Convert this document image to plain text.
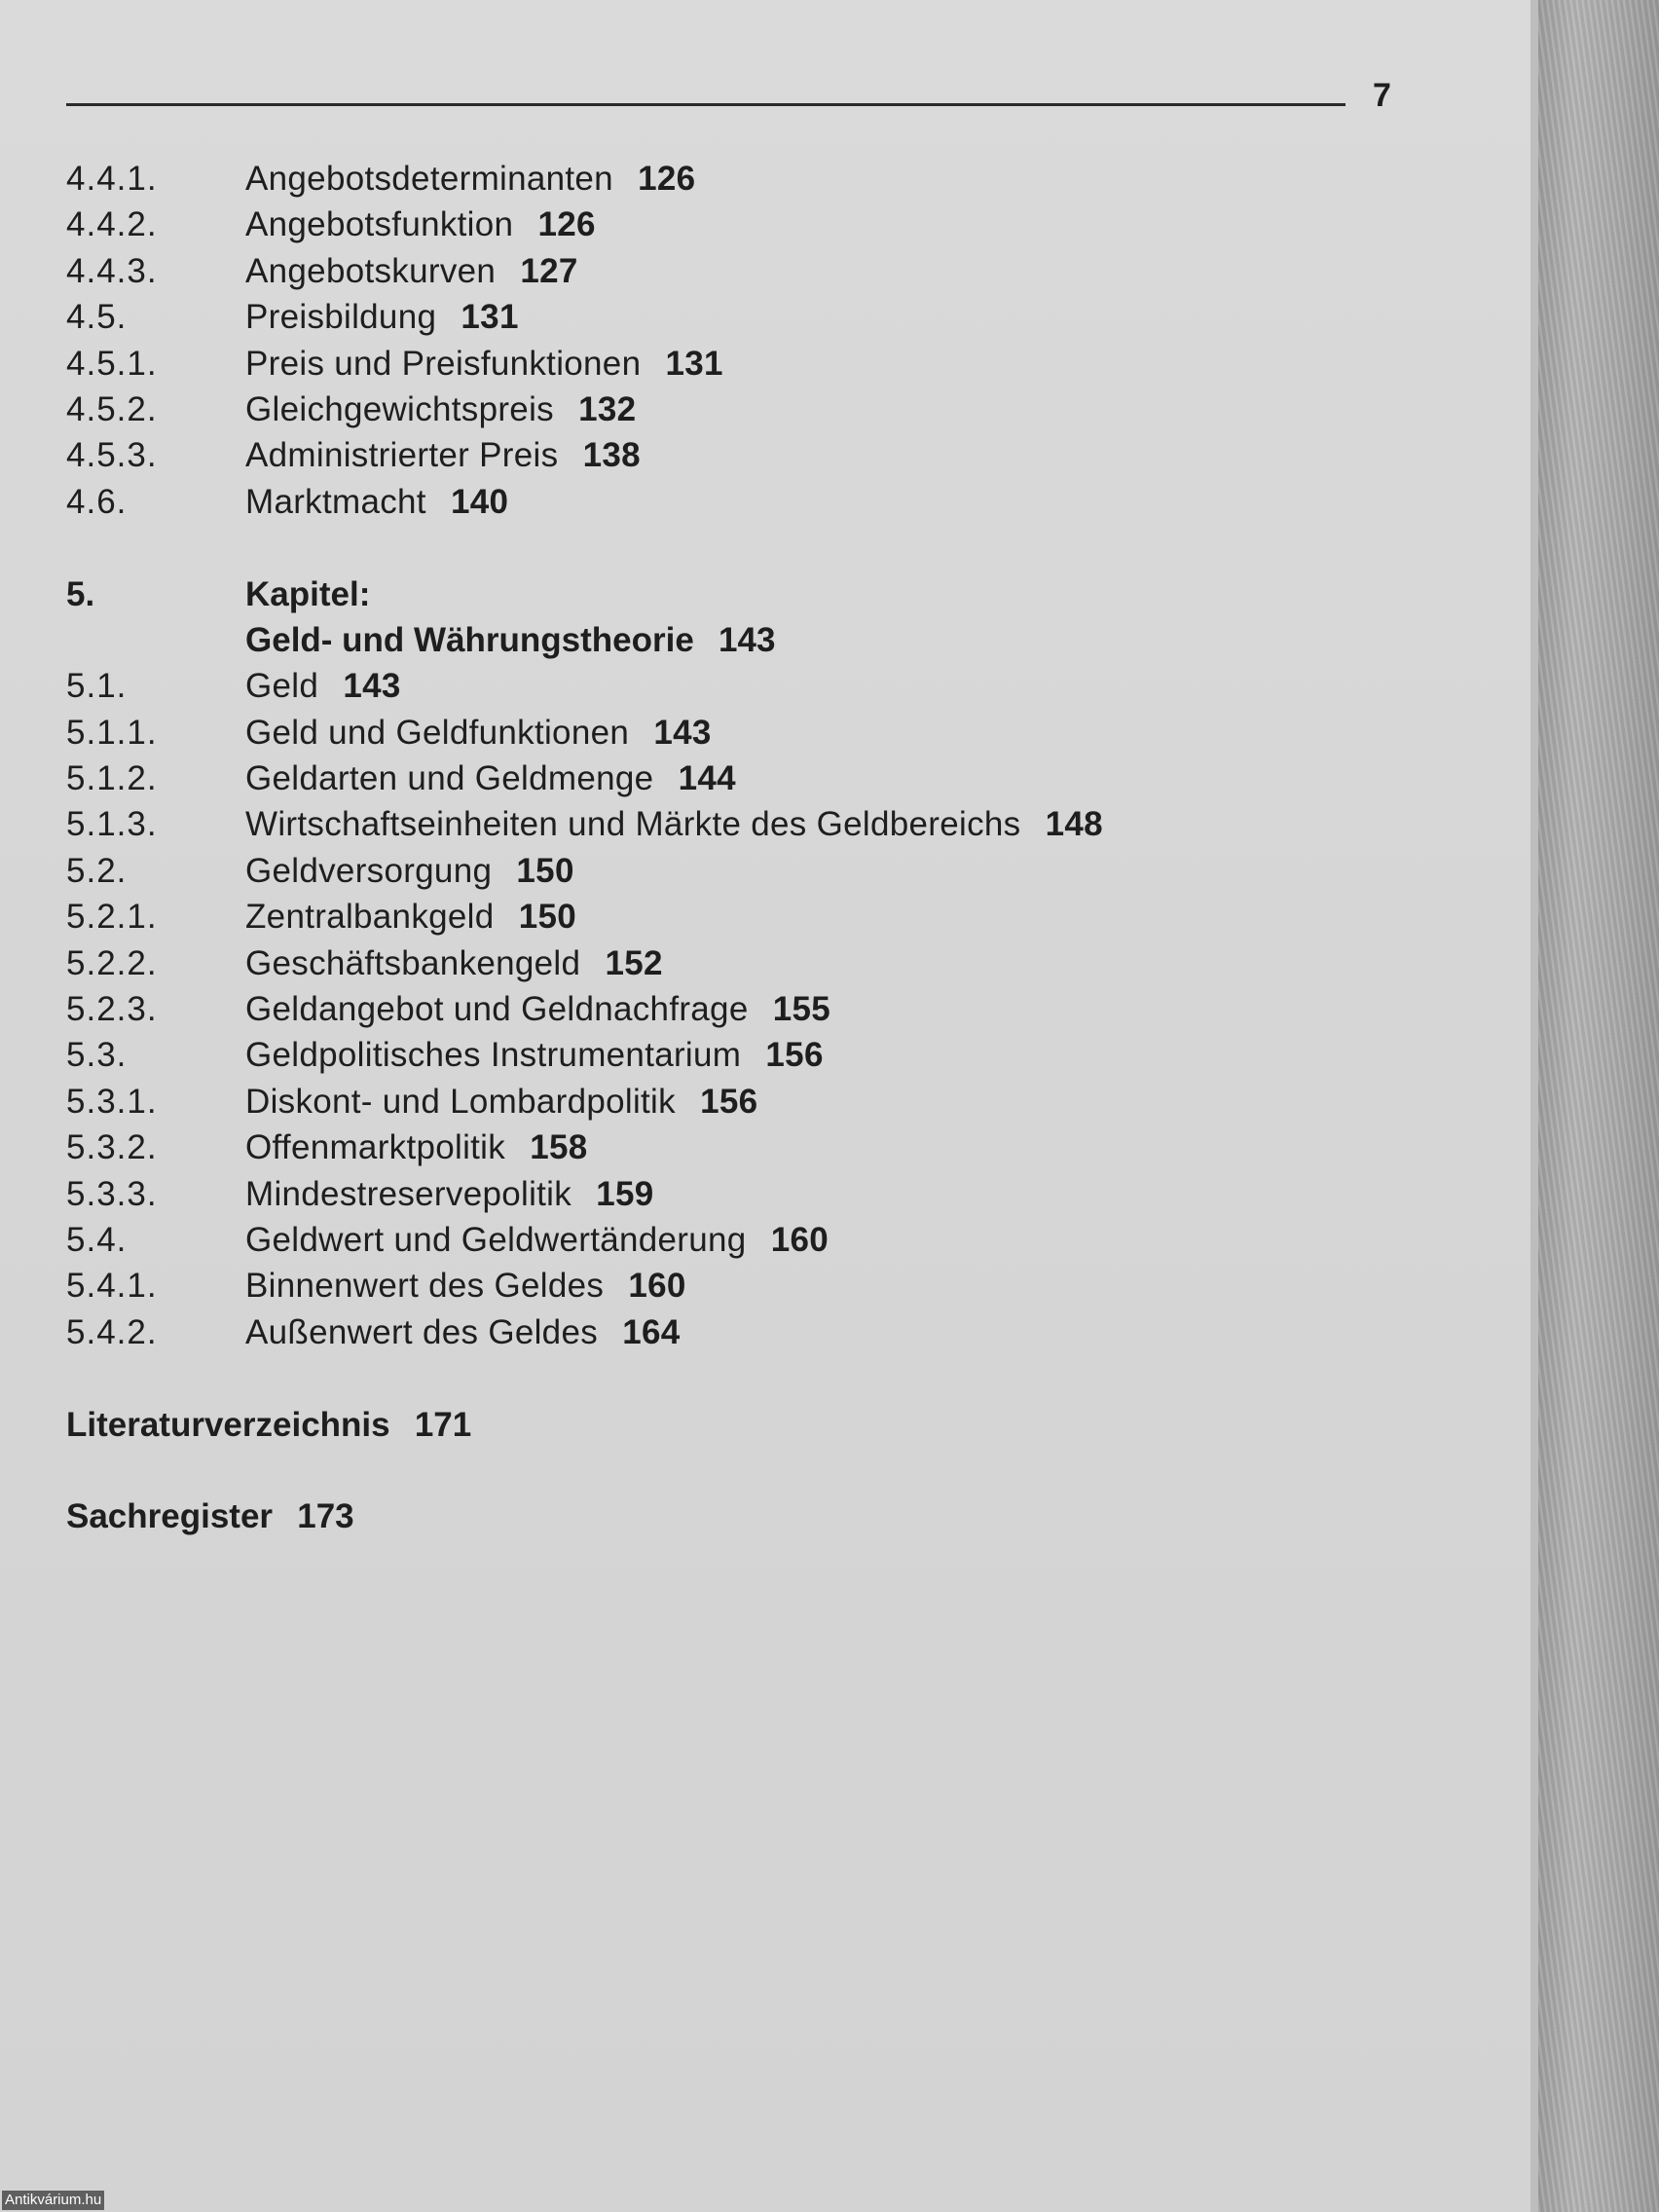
7
4.4.1.	Angebotsdeterminanten 126
4.4.2.	Angebotsfunktion 126
4.4.3.	Angebotskurven 127
4.5.	Preisbildung 131
4.5.1.	Preis und Preisfunktionen 131
4.5.2.	Gleichgewichtspreis 132
4.5.3.	Administrierter Preis 138
4.6.	Marktmacht 140
5.	Kapitel:
Geld- und Währungstheorie 143
5.1.	Geld 143
5.1.1.	Geld und Geldfunktionen 143
5.1.2.	Geldarten und Geldmenge 144
5.1.3.	Wirtschaftseinheiten und Märkte des Geldbereichs 148
5.2.	Geldversorgung 150
5.2.1.	Zentralbankgeld 150
5.2.2.	Geschäftsbankengeld 152
5.2.3.	Geldangebot und Geldnachfrage 155
5.3.	Geldpolitisches Instrumentarium 156
5.3.1.	Diskont- und Lombardpolitik 156
5.3.2.	Offenmarktpolitik 158
5.3.3.	Mindestreservepolitik 159
5.4.	Geldwert und Geldwertänderung 160
5.4.1.	Binnenwert des Geldes 160
5.4.2.	Außenwert des Geldes 164
Literaturverzeichnis 171
Sachregister 173
Antikvárium.hu
